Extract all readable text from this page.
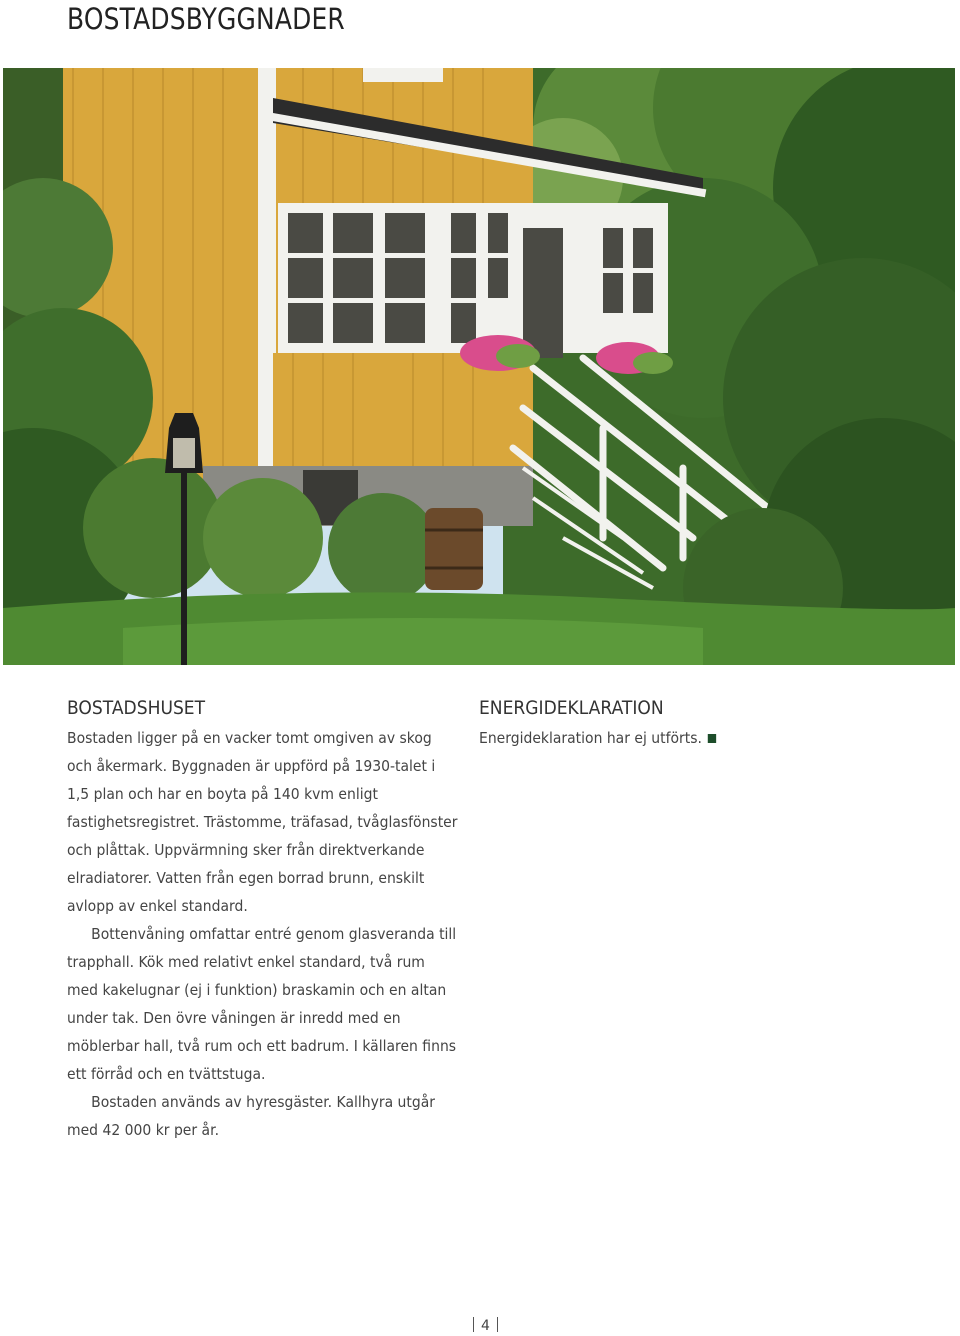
BOSTADSBYGGNADER
BOSTADSHUSET

Bostaden ligger på en vacker tomt omgiven av skog och åkermark. Byggnaden är uppförd på 1930-talet i 1,5 plan och har en boyta på 140 kvm enligt fastighetsregistret. Trästomme, träfasad, tvåglasfönster och plåttak. Uppvärmning sker från direktverkande elradiatorer. Vatten från egen borrad brunn, enskilt avlopp av enkel standard.

Bottenvåning omfattar entré genom glasveranda till trapphall. Kök med relativt enkel standard, två rum med kakelugnar (ej i funktion) braskamin och en altan under tak. Den övre våningen är inredd med en möblerbar hall, två rum och ett badrum. I källaren finns ett förråd och en tvättstuga.

Bostaden används av hyresgäster. Kallhyra utgår med 42 000 kr per år.

ENERGIDEKLARATION
Energideklaration har ej utförts.
4
